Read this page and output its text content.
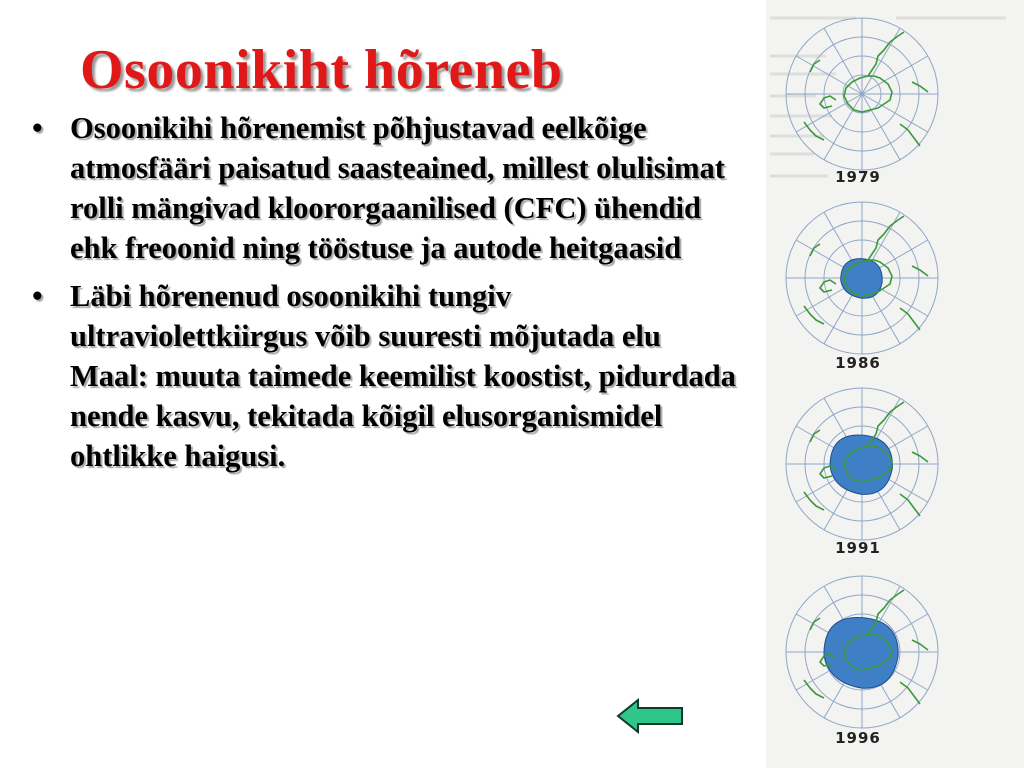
Osoonikiht hõreneb
• Osoonikihi hõrenemist põhjustavad eelkõige atmosfääri paisatud saasteained, millest olulisimat rolli mängivad kloororgaanilised (CFC) ühendid ehk freoonid ning tööstuse ja autode heitgaasid
• Läbi hõrenenud osoonikihi tungiv ultraviolettkiirgus võib suuresti mõjutada elu Maal: muuta taimede keemilist koostist, pidurdada nende kasvu, tekitada kõigil elusorganismidel ohtlikke haigusi.
1979
1986
1991
1996
